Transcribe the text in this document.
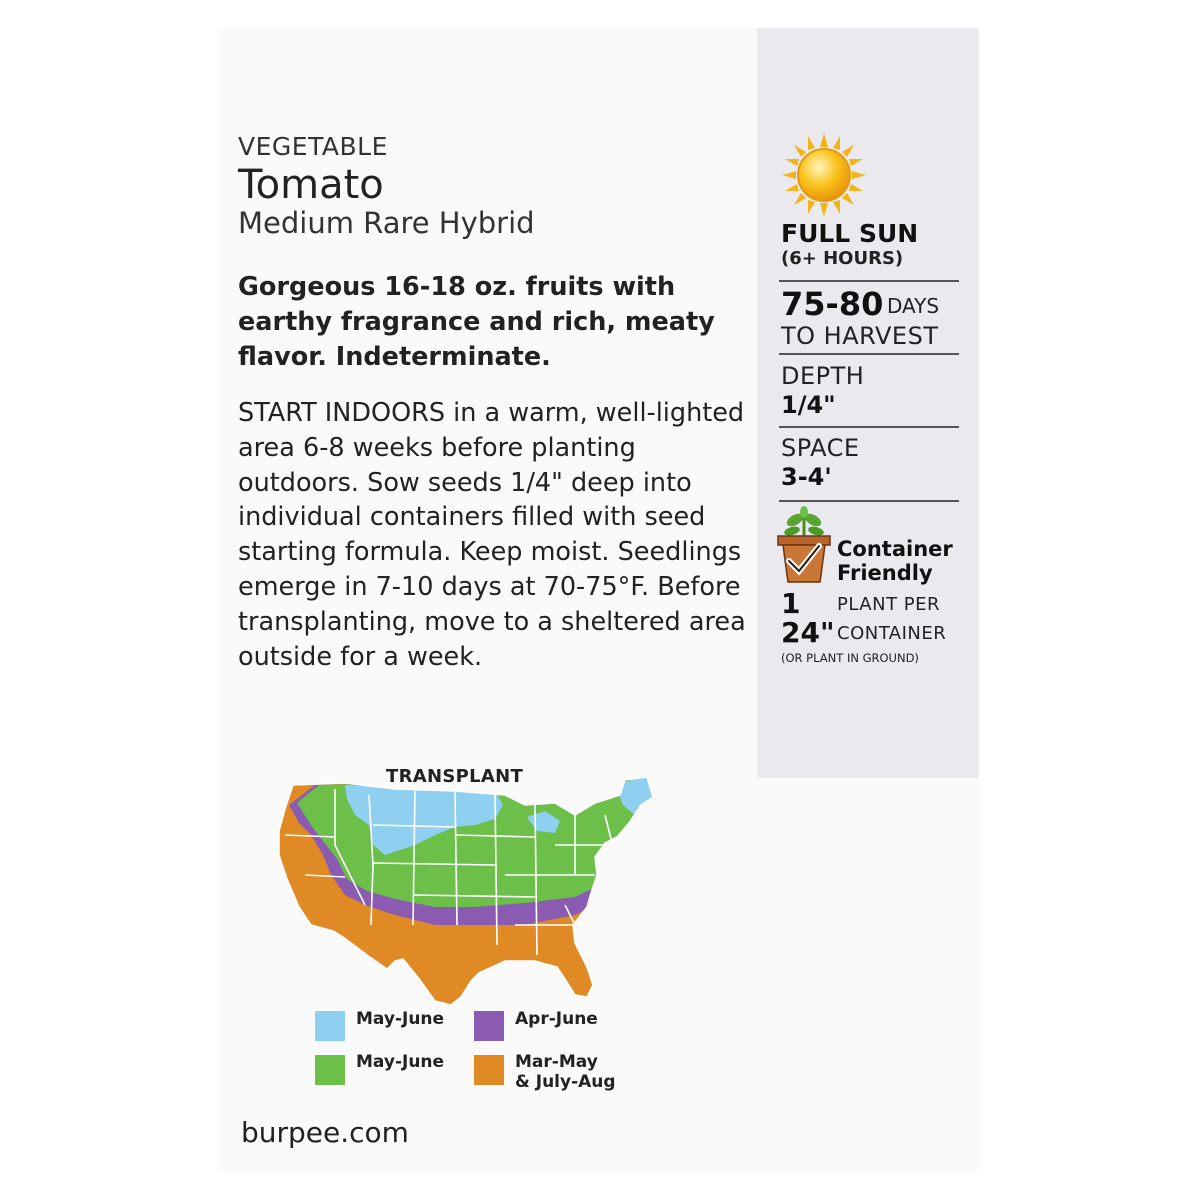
VEGETABLE
Tomato
Medium Rare Hybrid
Gorgeous 16-18 oz. fruits with earthy fragrance and rich, meaty flavor. Indeterminate.
START INDOORS in a warm, well-lighted area 6-8 weeks before planting outdoors. Sow seeds 1/4" deep into individual containers filled with seed starting formula. Keep moist. Seedlings emerge in 7-10 days at 70-75°F. Before transplanting, move to a sheltered area outside for a week.
FULL SUN
(6+ HOURS)
75-80 DAYS
TO HARVEST
DEPTH
1/4"
SPACE
3-4'
Container
Friendly
1 PLANT PER
24" CONTAINER
(OR PLANT IN GROUND)
TRANSPLANT
May-June	Apr-June
May-June	Mar-May
& July-Aug
burpee.com
